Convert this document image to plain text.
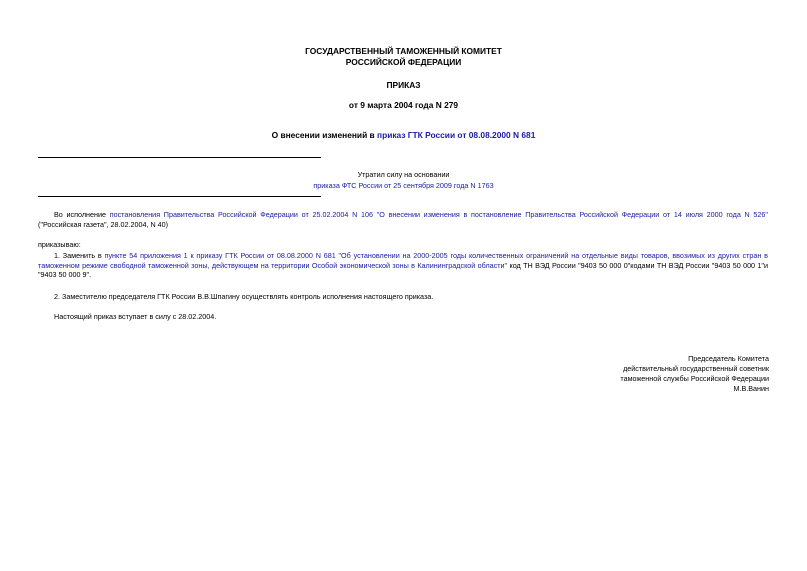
ГОСУДАРСТВЕННЫЙ ТАМОЖЕННЫЙ КОМИТЕТ
РОССИЙСКОЙ ФЕДЕРАЦИИ
ПРИКАЗ
от 9 марта 2004 года N 279
О внесении изменений в приказ ГТК России от 08.08.2000 N 681
Утратил силу на основании
приказа ФТС России от 25 сентября 2009 года N 1763
Во исполнение постановления Правительства Российской Федерации от 25.02.2004 N 106 "О внесении изменения в постановление Правительства Российской Федерации от 14 июля 2000 года N 526" ("Российская газета", 28.02.2004, N 40)
приказываю:
1. Заменить в пункте 54 приложения 1 к приказу ГТК России от 08.08.2000 N 681 "Об установлении на 2000-2005 годы количественных ограничений на отдельные виды товаров, ввозимых из других стран в таможенном режиме свободной таможенной зоны, действующем на территории Особой экономической зоны в Калининградской области" код ТН ВЭД России "9403 50 000 0"кодами ТН ВЭД России "9403 50 000 1"и "9403 50 000 9".
2. Заместителю председателя ГТК России В.В.Шпагину осуществлять контроль исполнения настоящего приказа.
Настоящий приказ вступает в силу с 28.02.2004.
Председатель Комитета
действительный государственный советник
таможенной службы Российской Федерации
М.В.Ванин
